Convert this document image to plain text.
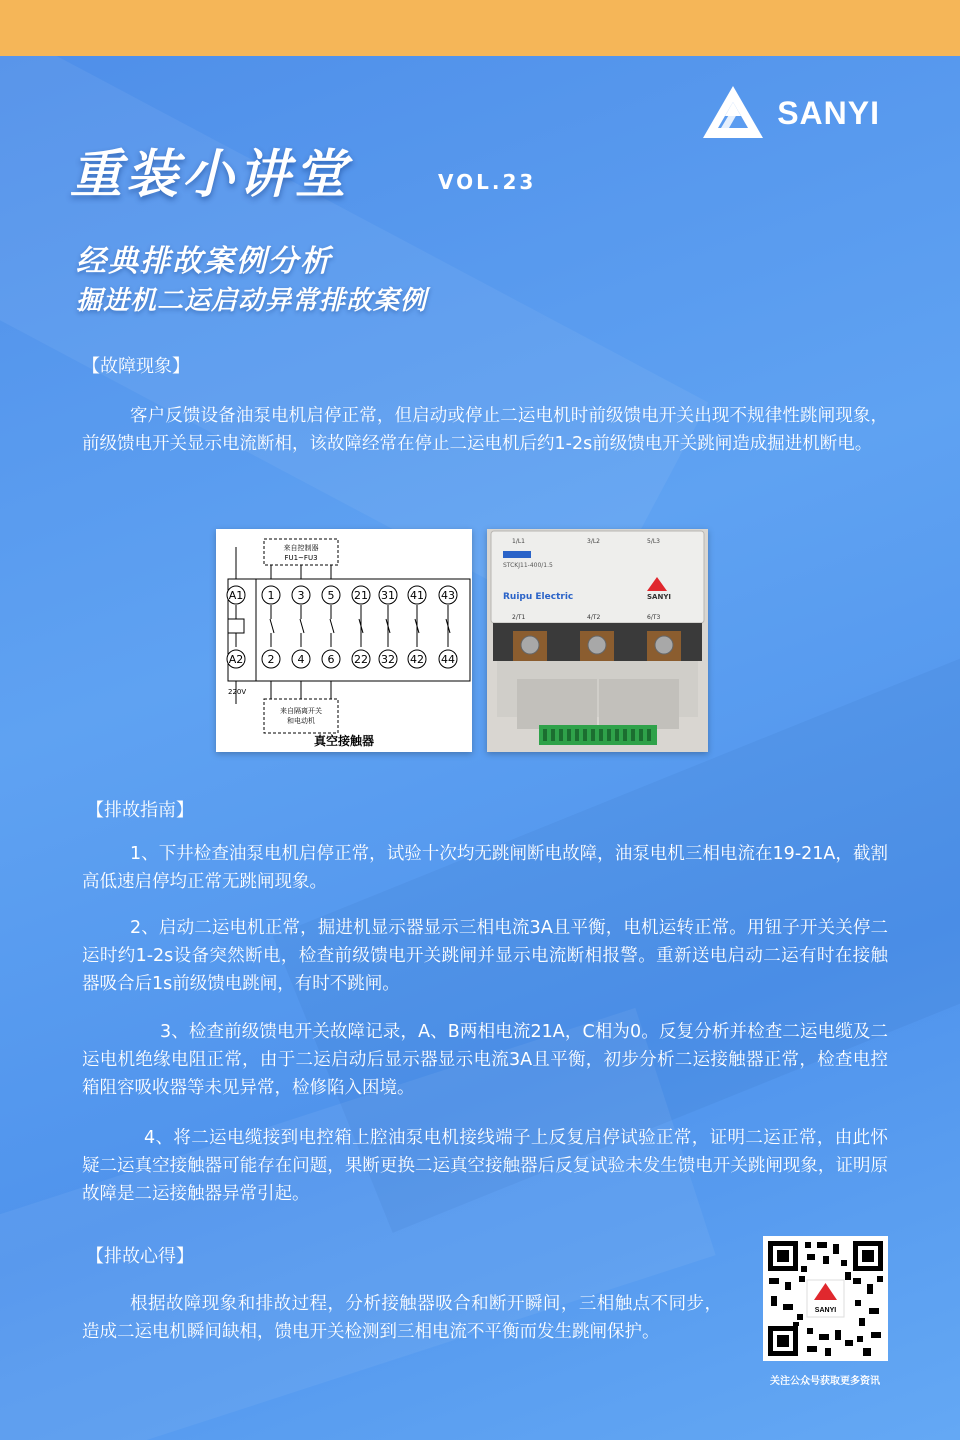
SANYI
重装小讲堂	VOL.23
经典排故案例分析
掘进机二运启动异常排故案例
【故障现象】

客户反馈设备油泵电机启停正常，但启动或停止二运电机时前级馈电开关出现不规律性跳闸现象，前级馈电开关显示电流断相，该故障经常在停止二运电机后约1-2s前级馈电开关跳闸造成掘进机断电。

A1 1 3 5 21 31 41 43
A2 2 4 6 22 32 42 44
来自控制器
FU1~FU3
来自隔离开关
和电动机
220V
真空接触器
1/L1	3/L2	5/L3
STCKJ11-400/1.5
Ruipu Electric	SANYI
2/T1	4/T2	6/T3
【排故指南】

1、下井检查油泵电机启停正常，试验十次均无跳闸断电故障，油泵电机三相电流在19-21A，截割高低速启停均正常无跳闸现象。

2、启动二运电机正常，掘进机显示器显示三相电流3A且平衡，电机运转正常。用钮子开关关停二运时约1-2s设备突然断电，检查前级馈电开关跳闸并显示电流断相报警。重新送电启动二运有时在接触器吸合后1s前级馈电跳闸，有时不跳闸。

3、检查前级馈电开关故障记录，A、B两相电流21A，C相为0。反复分析并检查二运电缆及二运电机绝缘电阻正常，由于二运启动后显示器显示电流3A且平衡，初步分析二运接触器正常，检查电控箱阻容吸收器等未见异常，检修陷入困境。

4、将二运电缆接到电控箱上腔油泵电机接线端子上反复启停试验正常，证明二运正常，由此怀疑二运真空接触器可能存在问题，果断更换二运真空接触器后反复试验未发生馈电开关跳闸现象，证明原故障是二运接触器异常引起。

【排故心得】

根据故障现象和排故过程，分析接触器吸合和断开瞬间，三相触点不同步，造成二运电机瞬间缺相，馈电开关检测到三相电流不平衡而发生跳闸保护。

SANYI
关注公众号获取更多资讯
